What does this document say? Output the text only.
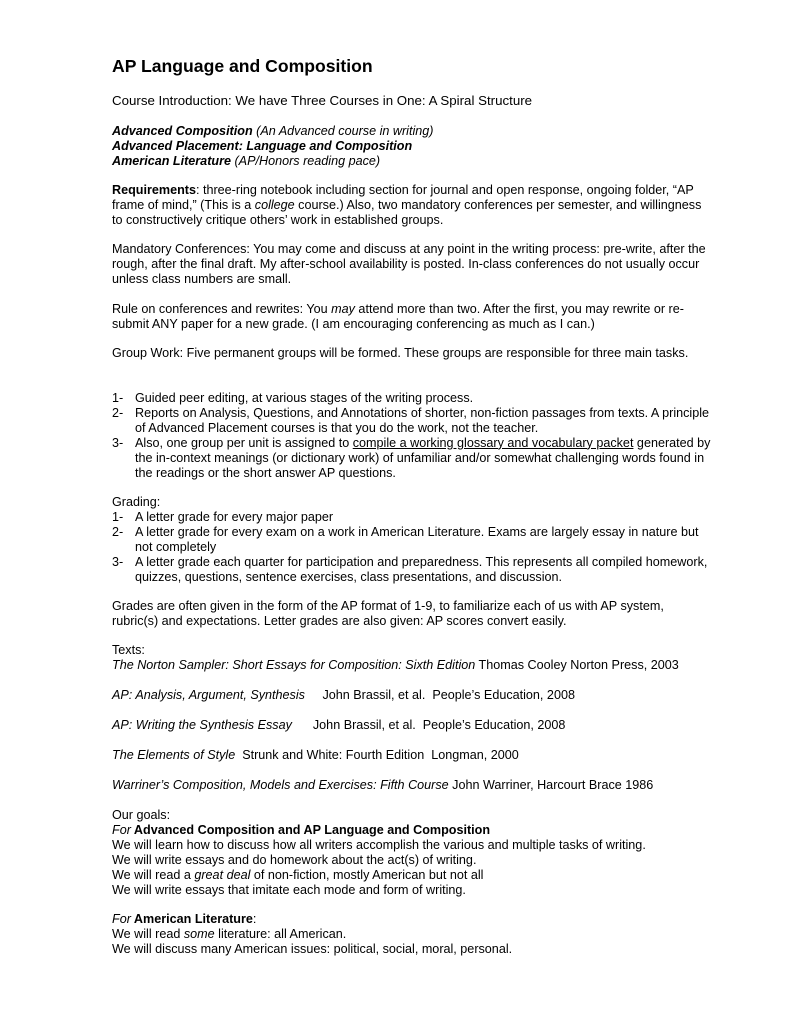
AP Language and Composition

Course Introduction: We have Three Courses in One: A Spiral Structure

Advanced Composition (An Advanced course in writing)
Advanced Placement: Language and Composition
American Literature (AP/Honors reading pace)

Requirements: three-ring notebook including section for journal and open response, ongoing folder, “AP frame of mind,” (This is a college course.) Also, two mandatory conferences per semester, and willingness to constructively critique others’ work in established groups.

Mandatory Conferences: You may come and discuss at any point in the writing process: pre-write, after the rough, after the final draft. My after-school availability is posted. In-class conferences do not usually occur unless class numbers are small.

Rule on conferences and rewrites: You may attend more than two. After the first, you may rewrite or re-submit ANY paper for a new grade. (I am encouraging conferencing as much as I can.)

Group Work: Five permanent groups will be formed. These groups are responsible for three main tasks.

1- Guided peer editing, at various stages of the writing process.
2- Reports on Analysis, Questions, and Annotations of shorter, non-fiction passages from texts. A principle of Advanced Placement courses is that you do the work, not the teacher.
3- Also, one group per unit is assigned to compile a working glossary and vocabulary packet generated by the in-context meanings (or dictionary work) of unfamiliar and/or somewhat challenging words found in the readings or the short answer AP questions.

Grading:

1- A letter grade for every major paper
2- A letter grade for every exam on a work in American Literature. Exams are largely essay in nature but not completely
3- A letter grade each quarter for participation and preparedness. This represents all compiled homework, quizzes, questions, sentence exercises, class presentations, and discussion.

Grades are often given in the form of the AP format of 1-9, to familiarize each of us with AP system, rubric(s) and expectations. Letter grades are also given: AP scores convert easily.

Texts:

The Norton Sampler: Short Essays for Composition: Sixth Edition Thomas Cooley Norton Press, 2003

AP: Analysis, Argument, Synthesis     John Brassil, et al.  People’s Education, 2008

AP: Writing the Synthesis Essay      John Brassil, et al.  People’s Education, 2008

The Elements of Style  Strunk and White: Fourth Edition  Longman, 2000

Warriner’s Composition, Models and Exercises: Fifth Course John Warriner, Harcourt Brace 1986

Our goals:
For Advanced Composition and AP Language and Composition
We will learn how to discuss how all writers accomplish the various and multiple tasks of writing.
We will write essays and do homework about the act(s) of writing.
We will read a great deal of non-fiction, mostly American but not all
We will write essays that imitate each mode and form of writing.
For American Literature:
We will read some literature: all American.
We will discuss many American issues: political, social, moral, personal.
